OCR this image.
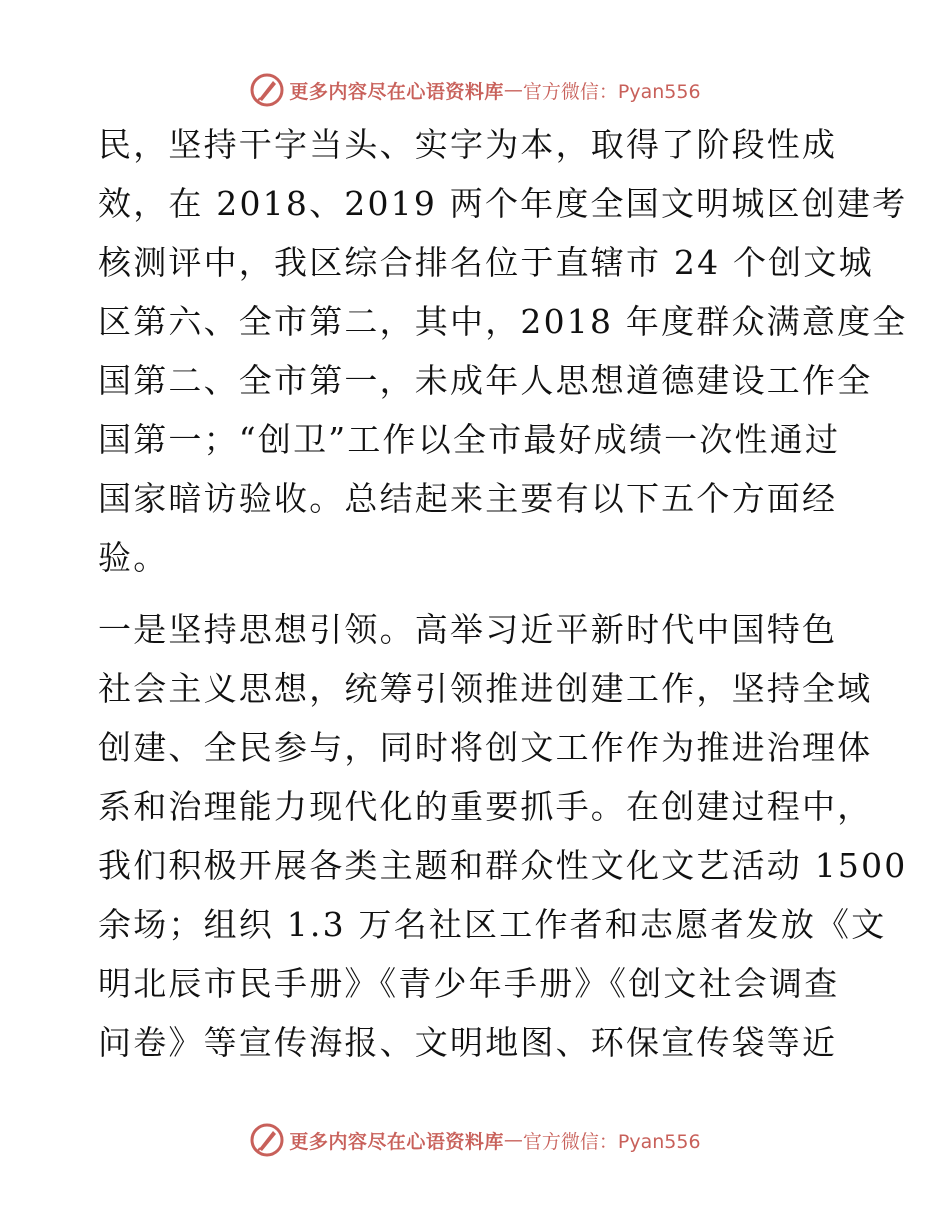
更多内容尽在心语资料库 — 官方微信：Pyan556
民，坚持干字当头、实字为本，取得了阶段性成
效，在 2018、2019 两个年度全国文明城区创建考
核测评中，我区综合排名位于直辖市 24 个创文城
区第六、全市第二，其中，2018 年度群众满意度全
国第二、全市第一，未成年人思想道德建设工作全
国第一；“创卫”工作以全市最好成绩一次性通过
国家暗访验收。总结起来主要有以下五个方面经
验。
一是坚持思想引领。高举习近平新时代中国特色
社会主义思想，统筹引领推进创建工作，坚持全域
创建、全民参与，同时将创文工作作为推进治理体
系和治理能力现代化的重要抓手。在创建过程中，
我们积极开展各类主题和群众性文化文艺活动 1500
余场；组织 1.3 万名社区工作者和志愿者发放《文
明北辰市民手册》《青少年手册》《创文社会调查
问卷》等宣传海报、文明地图、环保宣传袋等近
更多内容尽在心语资料库 — 官方微信：Pyan556
